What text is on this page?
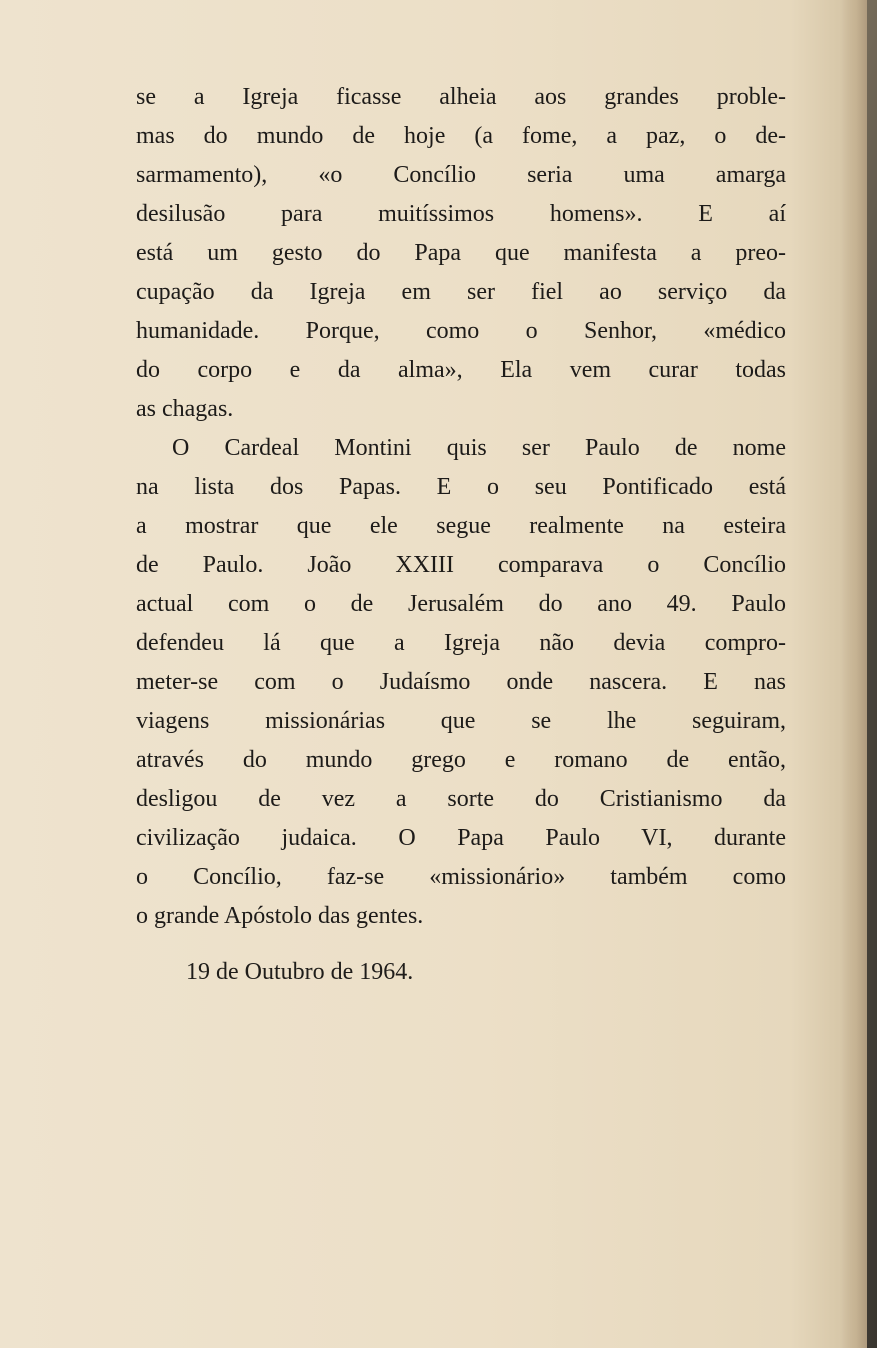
se a Igreja ficasse alheia aos grandes proble-
mas do mundo de hoje (a fome, a paz, o de-
sarmamento), «o Concílio seria uma amarga
desilusão para muitíssimos homens». E aí
está um gesto do Papa que manifesta a preo-
cupação da Igreja em ser fiel ao serviço da
humanidade. Porque, como o Senhor, «médico
do corpo e da alma», Ela vem curar todas
as chagas.
O Cardeal Montini quis ser Paulo de nome
na lista dos Papas. E o seu Pontificado está
a mostrar que ele segue realmente na esteira
de Paulo. João XXIII comparava o Concílio
actual com o de Jerusalém do ano 49. Paulo
defendeu lá que a Igreja não devia compro-
meter-se com o Judaísmo onde nascera. E nas
viagens missionárias que se lhe seguiram,
através do mundo grego e romano de então,
desligou de vez a sorte do Cristianismo da
civilização judaica. O Papa Paulo VI, durante
o Concílio, faz-se «missionário» também como
o grande Apóstolo das gentes.
19 de Outubro de 1964.
